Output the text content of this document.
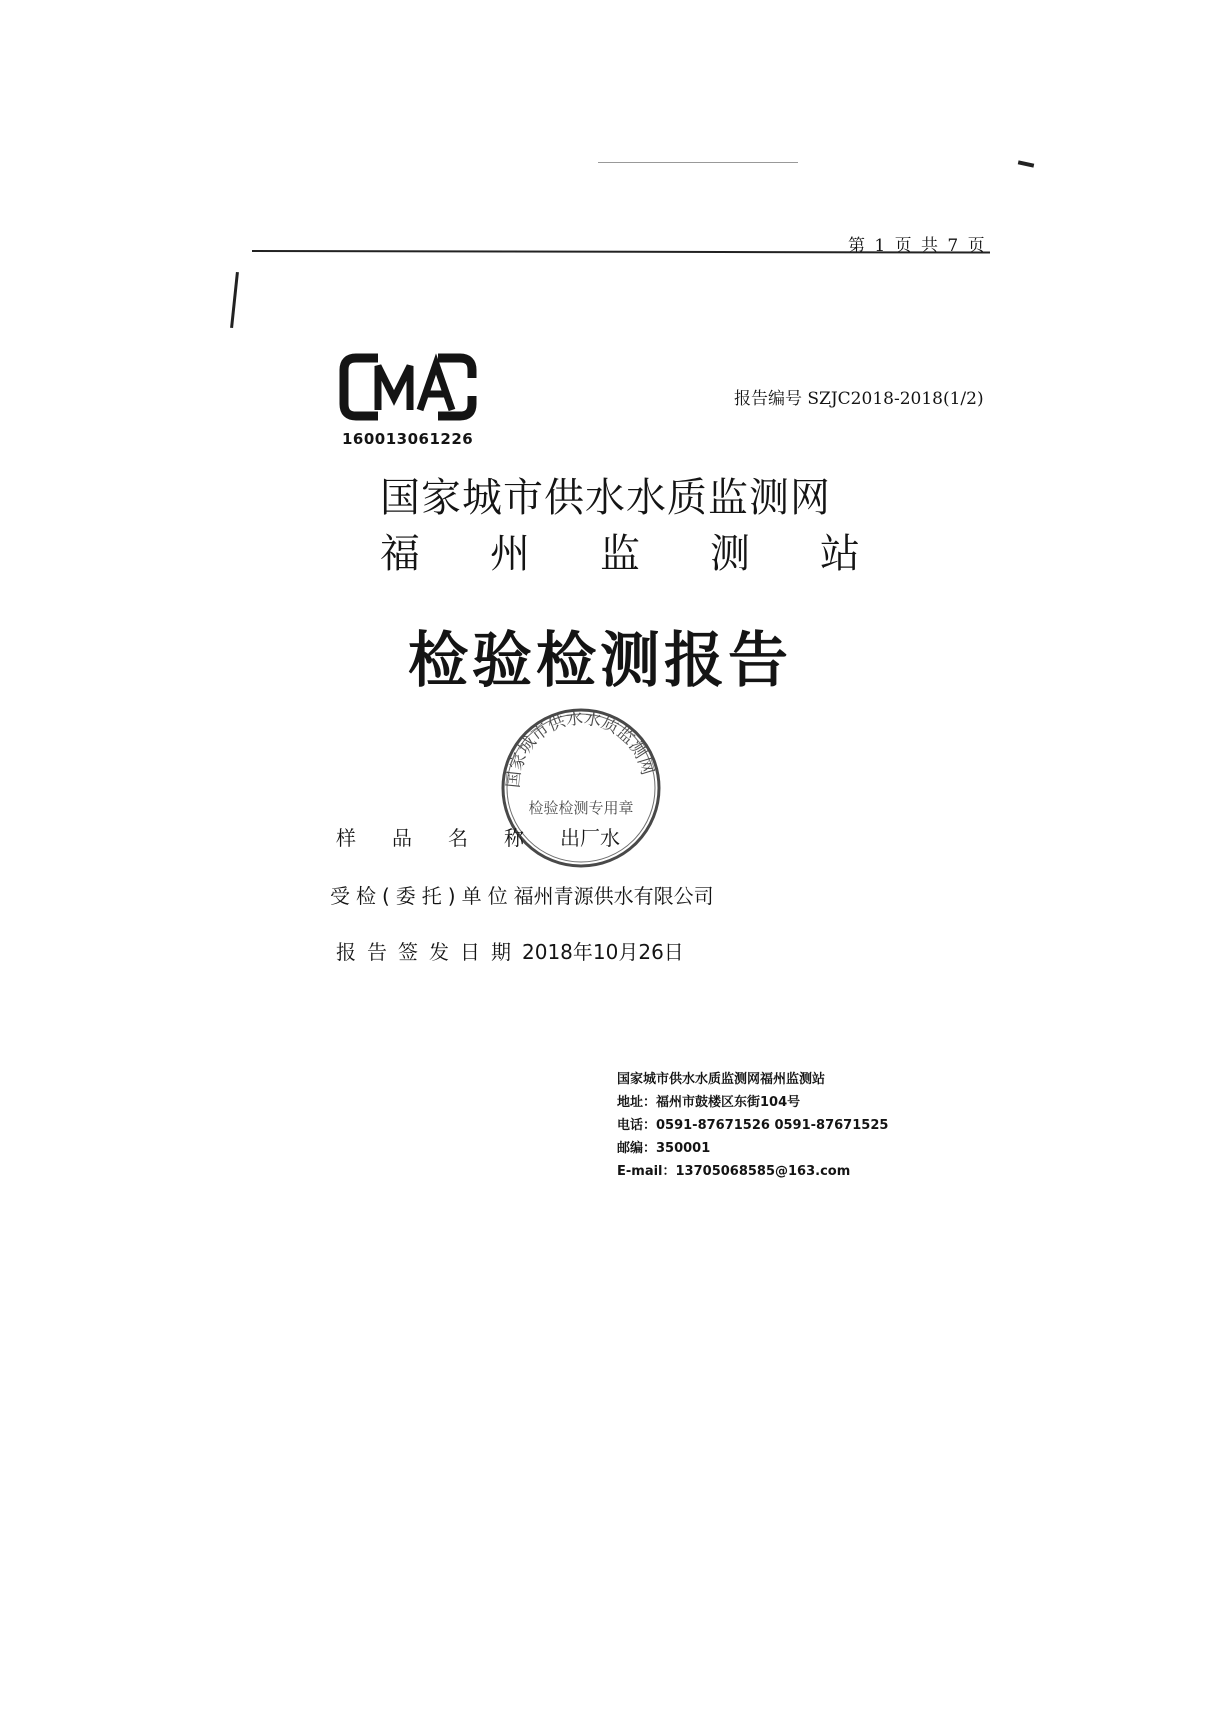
第 1 页 共 7 页
160013061226
报告编号 SZJC2018-2018(1/2)
国家城市供水水质监测网
福 州 监 测 站
检验检测报告
国家城市供水水质监测网
检验检测专用章
样品名称出厂水
受检(委托)单位福州青源供水有限公司
报告签发日期2018年10月26日
国家城市供水水质监测网福州监测站
地址：福州市鼓楼区东街104号
电话：0591-87671526 0591-87671525
邮编：350001
E-mail：13705068585@163.com
